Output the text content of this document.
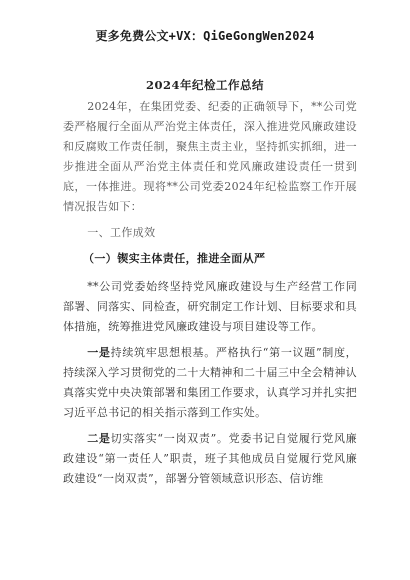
更多免费公文+VX：QiGeGongWen2024
2024年纪检工作总结

2024年，在集团党委、纪委的正确领导下，**公司党委严格履行全面从严治党主体责任，深入推进党风廉政建设和反腐败工作责任制，聚焦主责主业，坚持抓实抓细，进一步推进全面从严治党主体责任和党风廉政建设责任一贯到底，一体推进。现将**公司党委2024年纪检监察工作开展情况报告如下：

一、工作成效
（一）锲实主体责任，推进全面从严

**公司党委始终坚持党风廉政建设与生产经营工作同部署、同落实、同检查，研究制定工作计划、目标要求和具体措施，统筹推进党风廉政建设与项目建设等工作。

一是持续筑牢思想根基。严格执行“第一议题”制度，持续深入学习贯彻党的二十大精神和二十届三中全会精神认真落实党中央决策部署和集团工作要求，认真学习并扎实把习近平总书记的相关指示落到工作实处。

二是切实落实“一岗双责”。党委书记自觉履行党风廉政建设“第一责任人”职责，班子其他成员自觉履行党风廉政建设“一岗双责”，部署分管领域意识形态、信访维
